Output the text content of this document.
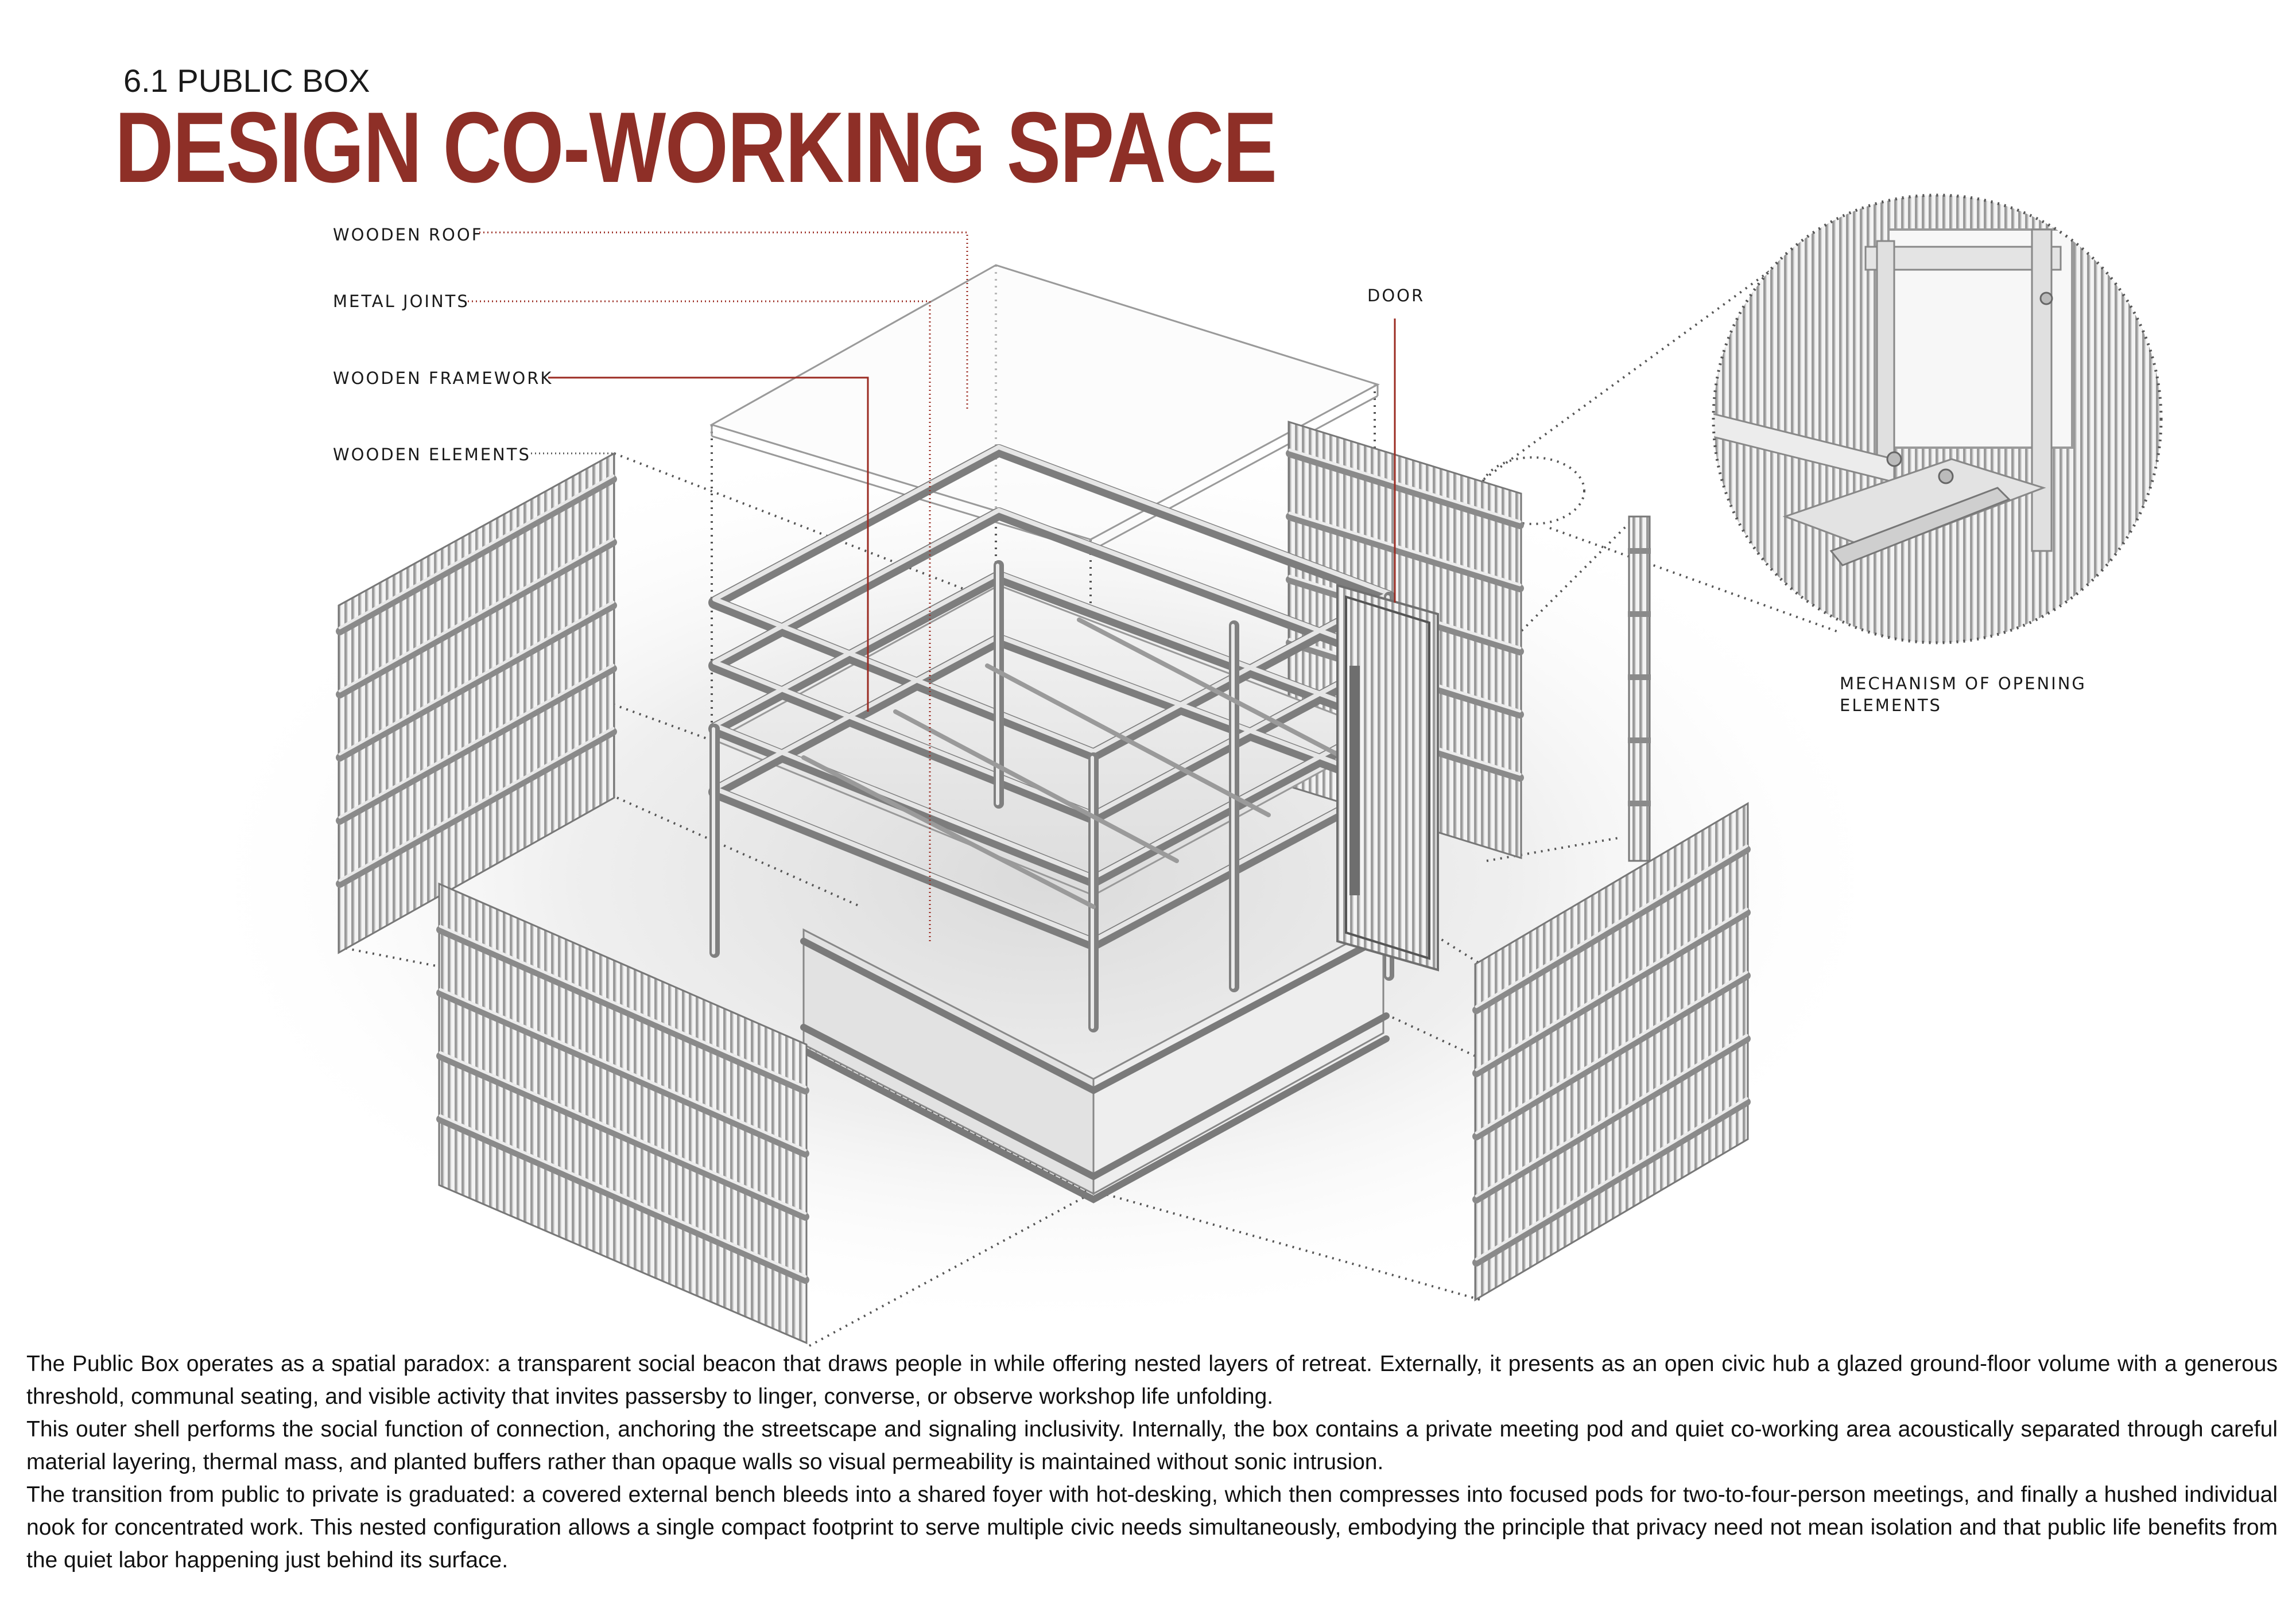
6.1 PUBLIC BOX
DESIGN CO-WORKING SPACE
WOODEN ROOF
METAL JOINTS
WOODEN FRAMEWORK
WOODEN ELEMENTS
DOOR
MECHANISM OF OPENING ELEMENTS

The Public Box operates as a spatial paradox: a transparent social beacon that draws people in while offering nested layers of retreat. Externally, it presents as an open civic hub a glazed ground-floor volume with a generous threshold, communal seating, and visible activity that invites passersby to linger, converse, or observe workshop life unfolding.

This outer shell performs the social function of connection, anchoring the streetscape and signaling inclusivity. Internally, the box contains a private meeting pod and quiet co-working area acoustically separated through careful material layering, thermal mass, and planted buffers rather than opaque walls so visual permeability is maintained without sonic intrusion.

The transition from public to private is graduated: a covered external bench bleeds into a shared foyer with hot-desking, which then compresses into focused pods for two-to-four-person meetings, and finally a hushed individual nook for concentrated work. This nested configuration allows a single compact footprint to serve multiple civic needs simultaneously, embodying the principle that privacy need not mean isolation and that public life benefits from the quiet labor happening just behind its surface.
